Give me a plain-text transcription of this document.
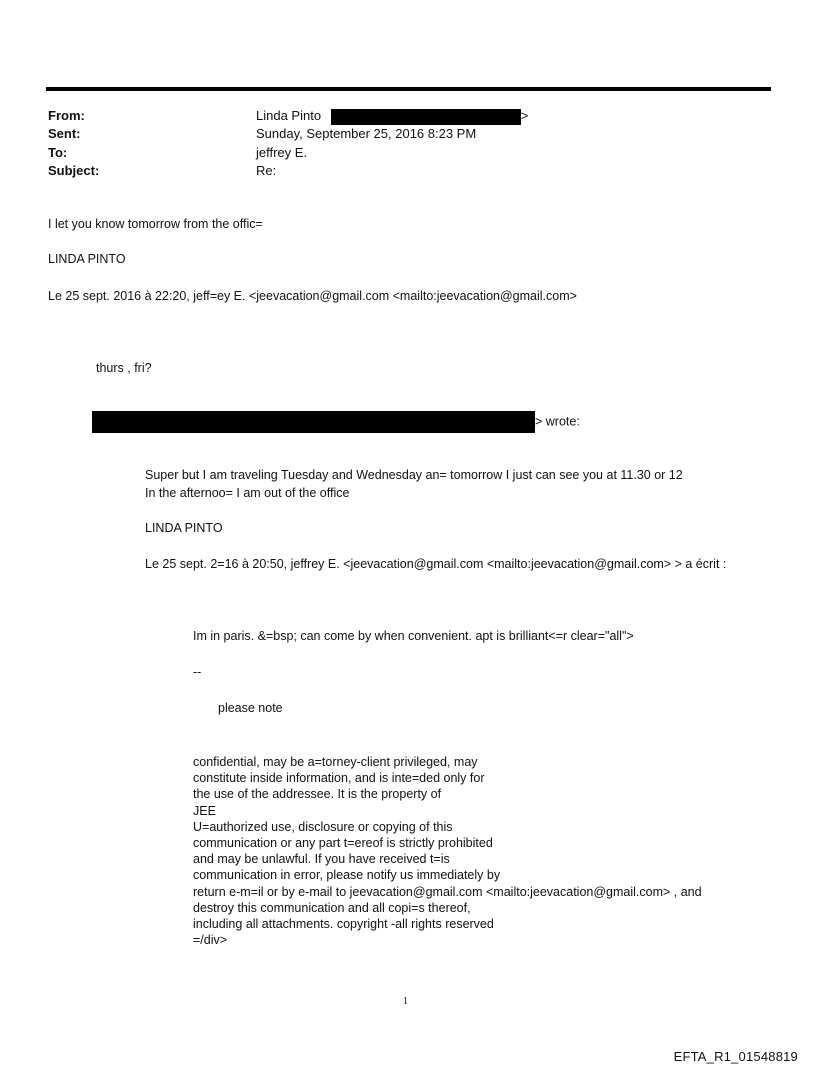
From:	Linda Pinto	>
Sent:	Sunday, September 25, 2016 8:23 PM
To:	jeffrey E.
Subject:	Re:
I let you know tomorrow from the offic=
LINDA PINTO
Le 25 sept. 2016 à 22:20, jeff=ey E. <jeevacation@gmail.com <mailto:jeevacation@gmail.com>
thurs , fri?
> wrote:
Super but I am traveling Tuesday and Wednesday an= tomorrow I just can see you at 11.30 or 12
In the afternoo= I am out of the office
LINDA PINTO
Le 25 sept. 2=16 à 20:50, jeffrey E. <jeevacation@gmail.com <mailto:jeevacation@gmail.com> > a écrit :
Im in paris. &=bsp; can come by when convenient. apt is brilliant<=r clear="all">
--
please note
confidential, may be a=torney-client privileged, may
constitute inside information, and is inte=ded only for
the use of the addressee. It is the property of
JEE
U=authorized use, disclosure or copying of this
communication or any part t=ereof is strictly prohibited
and may be unlawful. If you have received t=is
communication in error, please notify us immediately by
return e-m=il or by e-mail to jeevacation@gmail.com <mailto:jeevacation@gmail.com> , and
destroy this communication and all copi=s thereof,
including all attachments. copyright -all rights reserved
=/div>
1
EFTA_R1_01548819
